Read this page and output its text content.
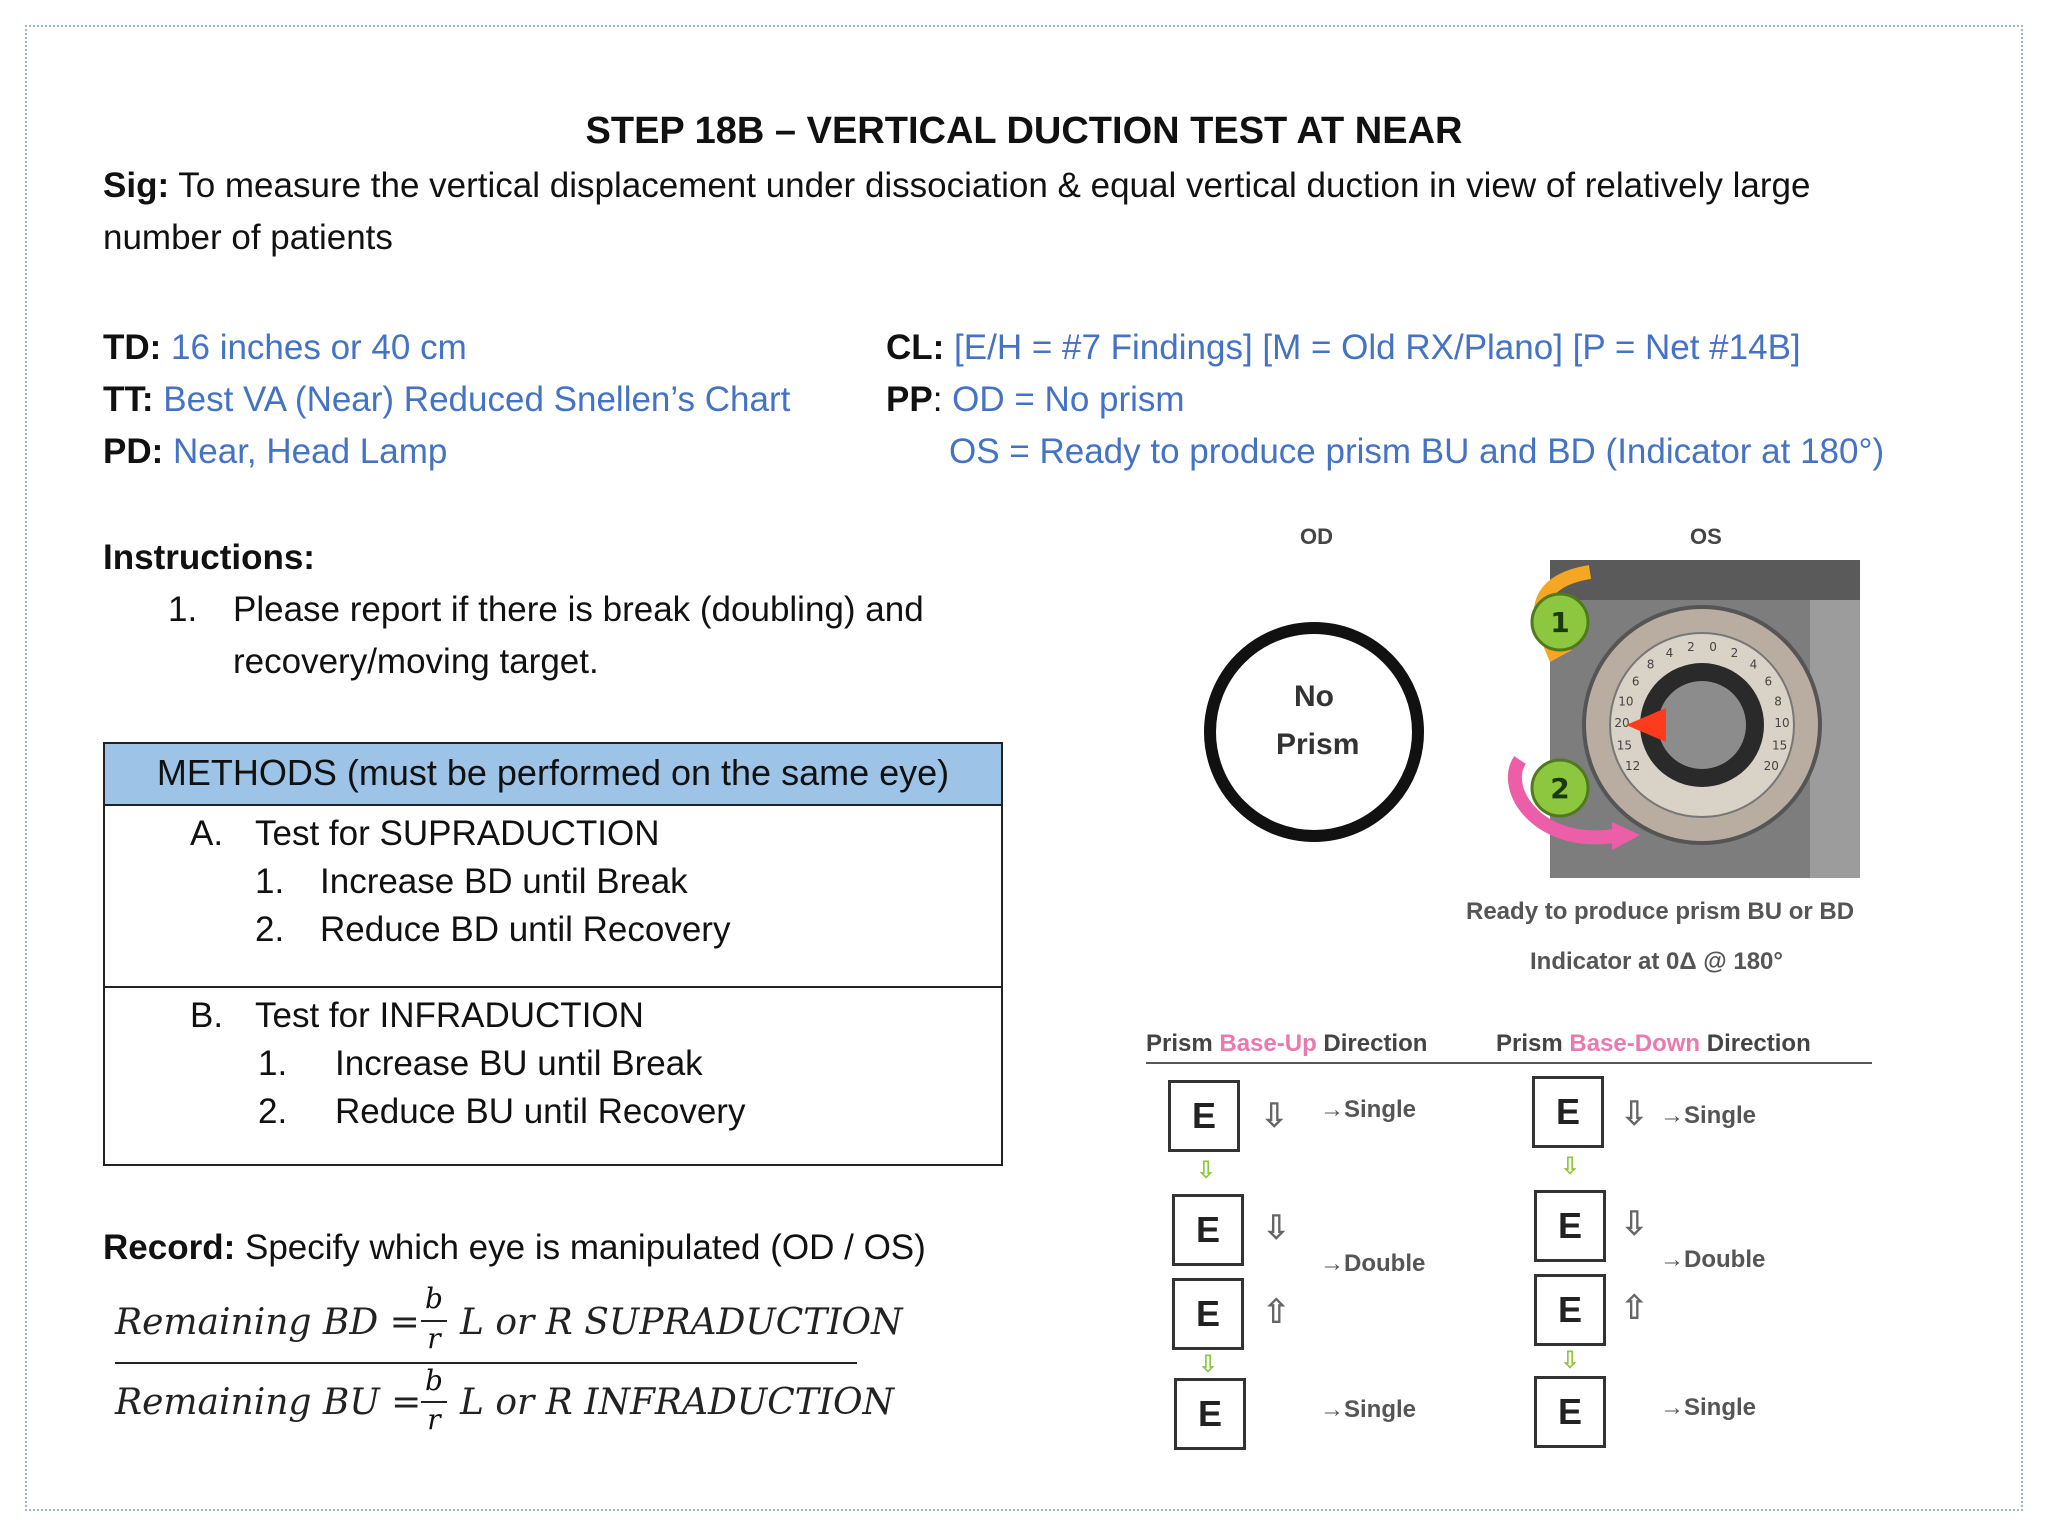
STEP 18B – VERTICAL DUCTION TEST AT NEAR
Sig: To measure the vertical displacement under dissociation & equal vertical duction in view of relatively large
number of patients
TD: 16 inches or 40 cm
TT: Best VA (Near) Reduced Snellen’s Chart
PD: Near, Head Lamp
CL: [E/H = #7 Findings] [M = Old RX/Plano] [P = Net #14B]
PP: OD = No prism
OS = Ready to produce prism BU and BD (Indicator at 180°)
Instructions:
1. Please report if there is break (doubling) and
recovery/moving target.
METHODS (must be performed on the same eye)
A. Test for SUPRADUCTION
1. Increase BD until Break
2. Reduce BD until Recovery
B. Test for INFRADUCTION
1. Increase BU until Break
2. Reduce BU until Recovery
Record: Specify which eye is manipulated (OD / OS)
Remaining BD =
b
r L or R SUPRADUCTION
Remaining BU =
b
r L or R INFRADUCTION
OD	OS
No
Prism
12
15
20
10
6
8
4 2 0 2
4
6
8
10
15
20
1
2
Ready to produce prism BU or BD
Indicator at 0Δ @ 180°
Prism Base-Up Direction	Prism Base-Down Direction
E
E
E
E
⇩
⇩
⇩
⇧
⇩
→Single
→Double
→Single
E
E
E
E
⇩
⇩
⇩
⇧
⇩
→Single
→Double
→Single
